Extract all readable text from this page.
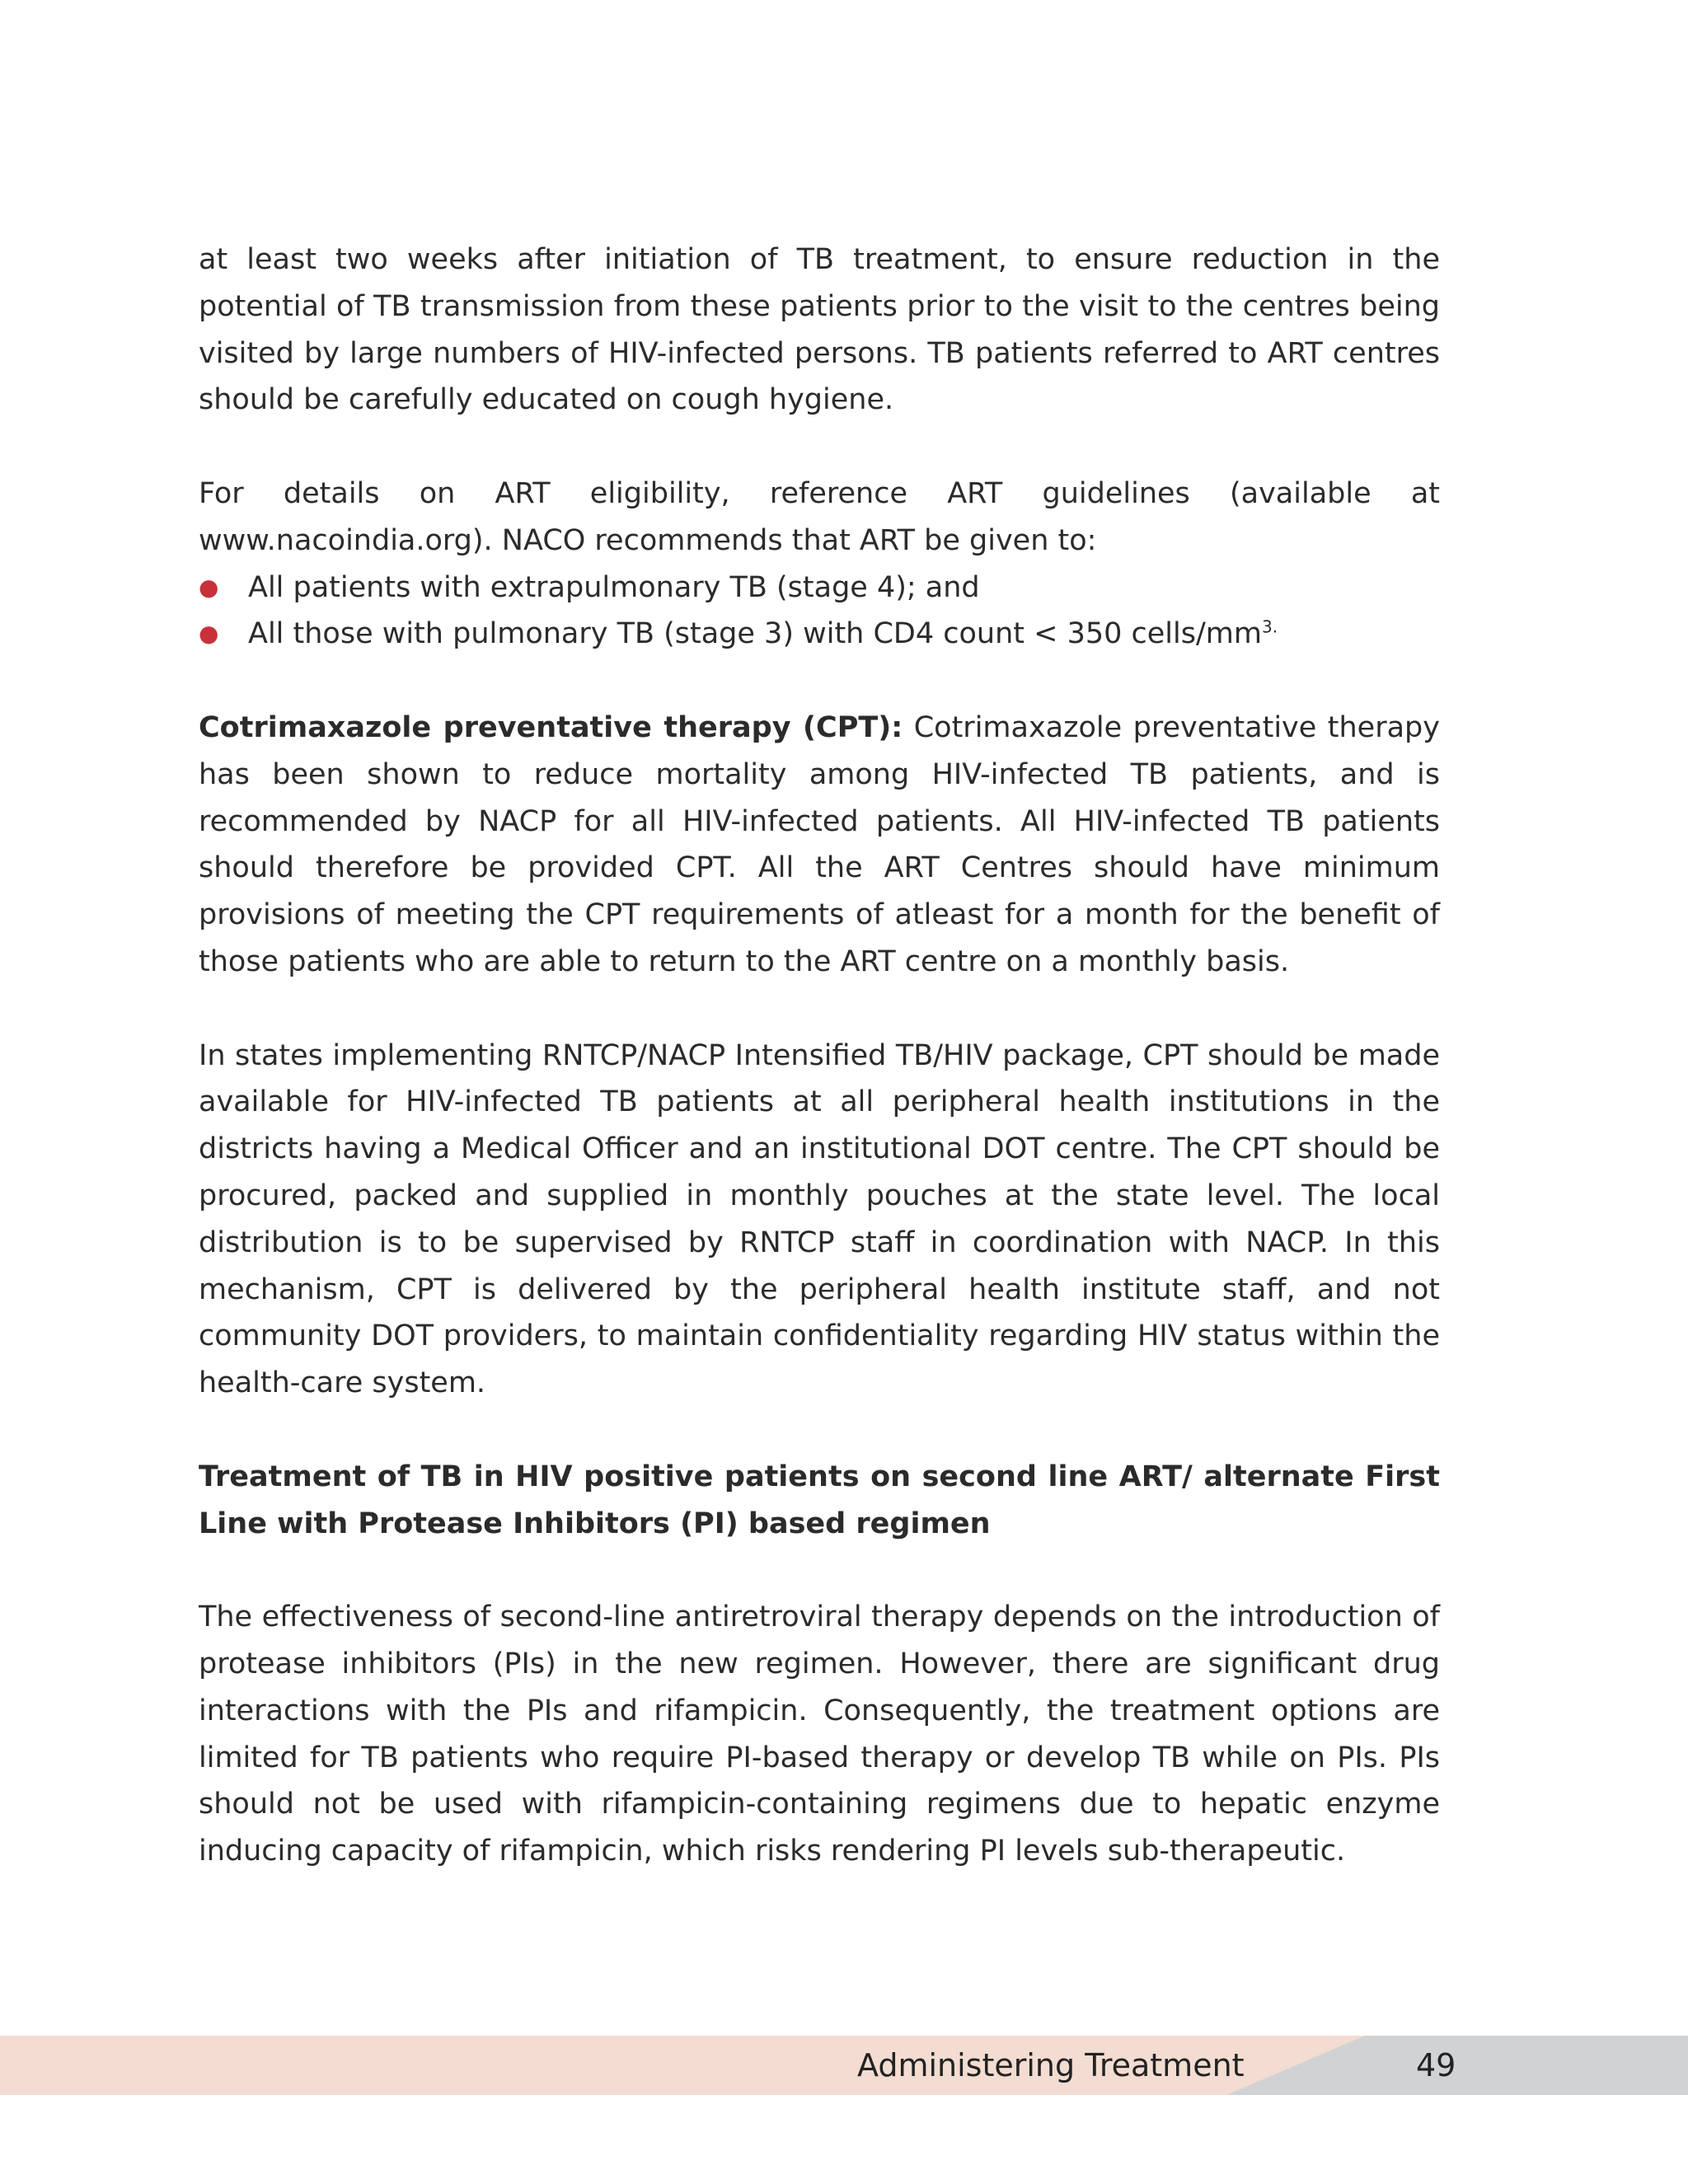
at least two weeks after initiation of TB treatment, to ensure reduction in the potential of TB transmission from these patients prior to the visit to the centres being visited by large numbers of HIV-infected persons. TB patients referred to ART centres should be carefully educated on cough hygiene.

For details on ART eligibility, reference ART guidelines (available at www.nacoindia.org). NACO recommends that ART be given to:

● All patients with extrapulmonary TB (stage 4); and
● All those with pulmonary TB (stage 3) with CD4 count < 350 cells/$mm^{3.}$

Cotrimaxazole preventative therapy (CPT): Cotrimaxazole preventative therapy has been shown to reduce mortality among HIV-infected TB patients, and is recommended by NACP for all HIV-infected patients. All HIV-infected TB patients should therefore be provided CPT. All the ART Centres should have minimum provisions of meeting the CPT requirements of atleast for a month for the benefit of those patients who are able to return to the ART centre on a monthly basis.

In states implementing RNTCP/NACP Intensified TB/HIV package, CPT should be made available for HIV-infected TB patients at all peripheral health institutions in the districts having a Medical Officer and an institutional DOT centre. The CPT should be procured, packed and supplied in monthly pouches at the state level. The local distribution is to be supervised by RNTCP staff in coordination with NACP. In this mechanism, CPT is delivered by the peripheral health institute staff, and not community DOT providers, to maintain confidentiality regarding HIV status within the health-care system.

Treatment of TB in HIV positive patients on second line ART/ alternate First Line with Protease Inhibitors (PI) based regimen

The effectiveness of second-line antiretroviral therapy depends on the introduction of protease inhibitors (PIs) in the new regimen. However, there are significant drug interactions with the PIs and rifampicin. Consequently, the treatment options are limited for TB patients who require PI-based therapy or develop TB while on PIs. PIs should not be used with rifampicin-containing regimens due to hepatic enzyme inducing capacity of rifampicin, which risks rendering PI levels sub-therapeutic.

Administering Treatment	49
